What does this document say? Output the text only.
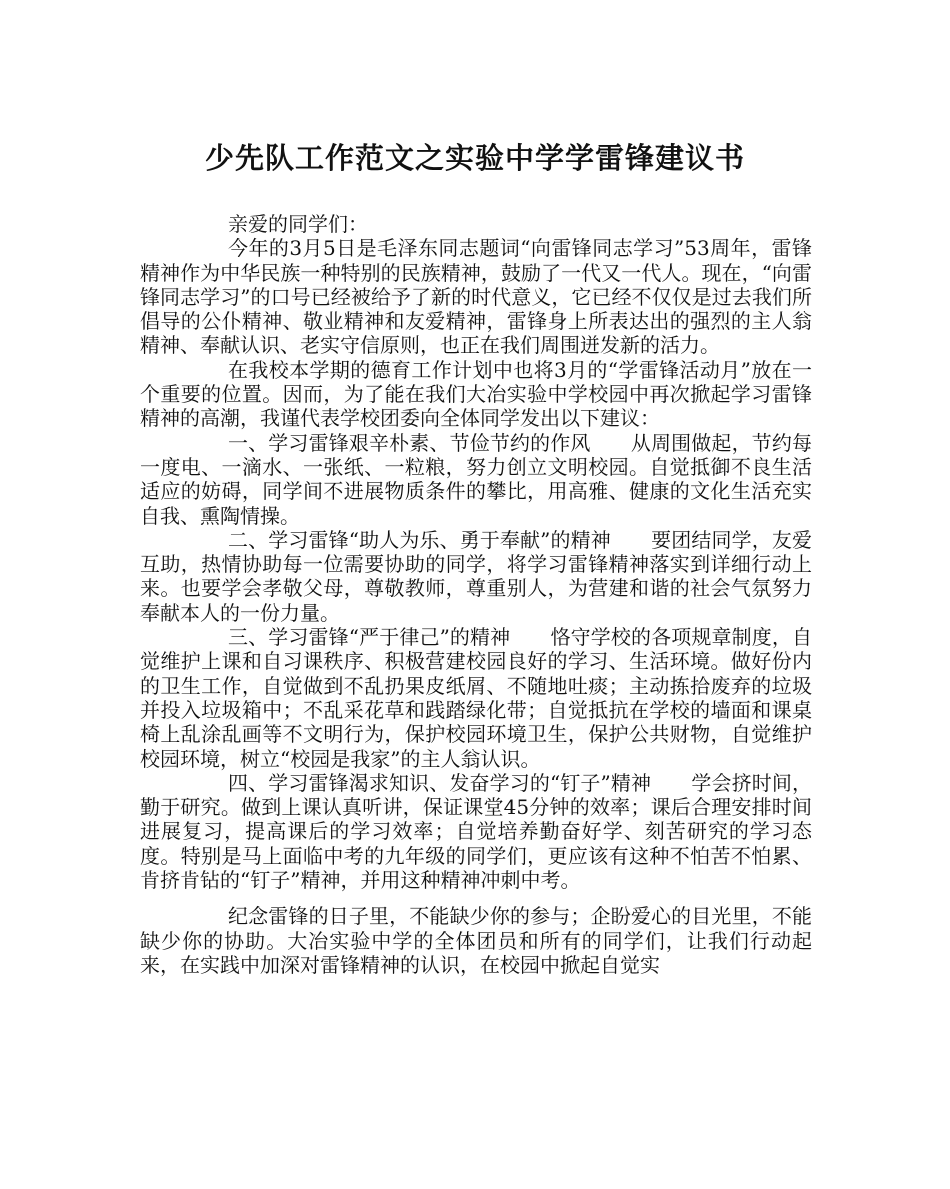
少先队工作范文之实验中学学雷锋建议书

亲爱的同学们：

今年的3月5日是毛泽东同志题词“向雷锋同志学习”53周年，雷锋精神作为中华民族一种特别的民族精神，鼓励了一代又一代人。现在，“向雷锋同志学习”的口号已经被给予了新的时代意义，它已经不仅仅是过去我们所倡导的公仆精神、敬业精神和友爱精神，雷锋身上所表达出的强烈的主人翁精神、奉献认识、老实守信原则，也正在我们周围迸发新的活力。

在我校本学期的德育工作计划中也将3月的“学雷锋活动月”放在一个重要的位置。因而，为了能在我们大冶实验中学校园中再次掀起学习雷锋精神的高潮，我谨代表学校团委向全体同学发出以下建议：

一、学习雷锋艰辛朴素、节俭节约的作风　　从周围做起，节约每一度电、一滴水、一张纸、一粒粮，努力创立文明校园。自觉抵御不良生活适应的妨碍，同学间不进展物质条件的攀比，用高雅、健康的文化生活充实自我、熏陶情操。

二、学习雷锋“助人为乐、勇于奉献”的精神　　要团结同学，友爱互助，热情协助每一位需要协助的同学，将学习雷锋精神落实到详细行动上来。也要学会孝敬父母，尊敬教师，尊重别人，为营建和谐的社会气氛努力奉献本人的一份力量。

三、学习雷锋“严于律己”的精神　　恪守学校的各项规章制度，自觉维护上课和自习课秩序、积极营建校园良好的学习、生活环境。做好份内的卫生工作，自觉做到不乱扔果皮纸屑、不随地吐痰；主动拣拾废弃的垃圾并投入垃圾箱中；不乱采花草和践踏绿化带；自觉抵抗在学校的墙面和课桌椅上乱涂乱画等不文明行为，保护校园环境卫生，保护公共财物，自觉维护校园环境，树立“校园是我家”的主人翁认识。

四、学习雷锋渴求知识、发奋学习的“钉子”精神　　学会挤时间，勤于研究。做到上课认真听讲，保证课堂45分钟的效率；课后合理安排时间进展复习，提高课后的学习效率；自觉培养勤奋好学、刻苦研究的学习态度。特别是马上面临中考的九年级的同学们，更应该有这种不怕苦不怕累、肯挤肯钻的“钉子”精神，并用这种精神冲刺中考。

纪念雷锋的日子里，不能缺少你的参与；企盼爱心的目光里，不能缺少你的协助。大冶实验中学的全体团员和所有的同学们，让我们行动起来，在实践中加深对雷锋精神的认识，在校园中掀起自觉实
